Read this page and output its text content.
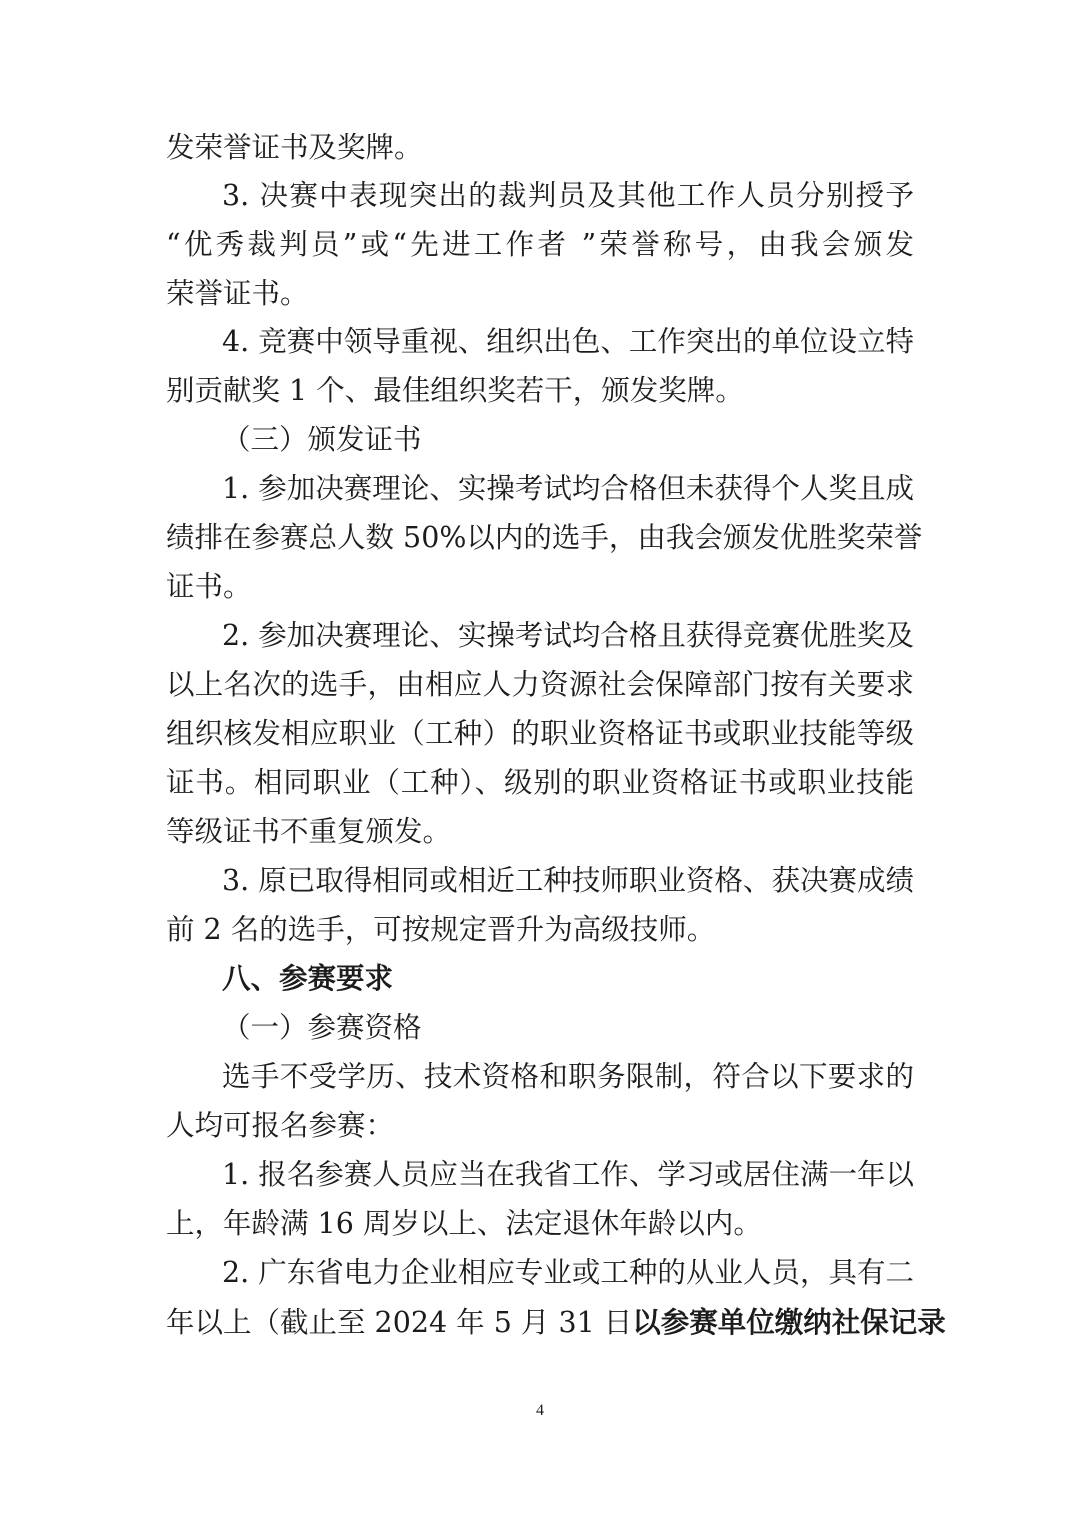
发荣誉证书及奖牌。
3. 决赛中表现突出的裁判员及其他工作人员分别授予
“优秀裁判员”或“先进工作者 ”荣誉称号，由我会颁发
荣誉证书。
4. 竞赛中领导重视、组织出色、工作突出的单位设立特
别贡献奖 1 个、最佳组织奖若干，颁发奖牌。
（三）颁发证书
1. 参加决赛理论、实操考试均合格但未获得个人奖且成
绩排在参赛总人数 50%以内的选手，由我会颁发优胜奖荣誉
证书。
2. 参加决赛理论、实操考试均合格且获得竞赛优胜奖及
以上名次的选手，由相应人力资源社会保障部门按有关要求
组织核发相应职业（工种）的职业资格证书或职业技能等级
证书。相同职业（工种）、级别的职业资格证书或职业技能
等级证书不重复颁发。
3. 原已取得相同或相近工种技师职业资格、获决赛成绩
前 2 名的选手，可按规定晋升为高级技师。
八、参赛要求
（一）参赛资格
选手不受学历、技术资格和职务限制，符合以下要求的
人均可报名参赛：
1. 报名参赛人员应当在我省工作、学习或居住满一年以
上，年龄满 16 周岁以上、法定退休年龄以内。
2. 广东省电力企业相应专业或工种的从业人员，具有二
年以上（截止至 2024 年 5 月 31 日以参赛单位缴纳社保记录
4
